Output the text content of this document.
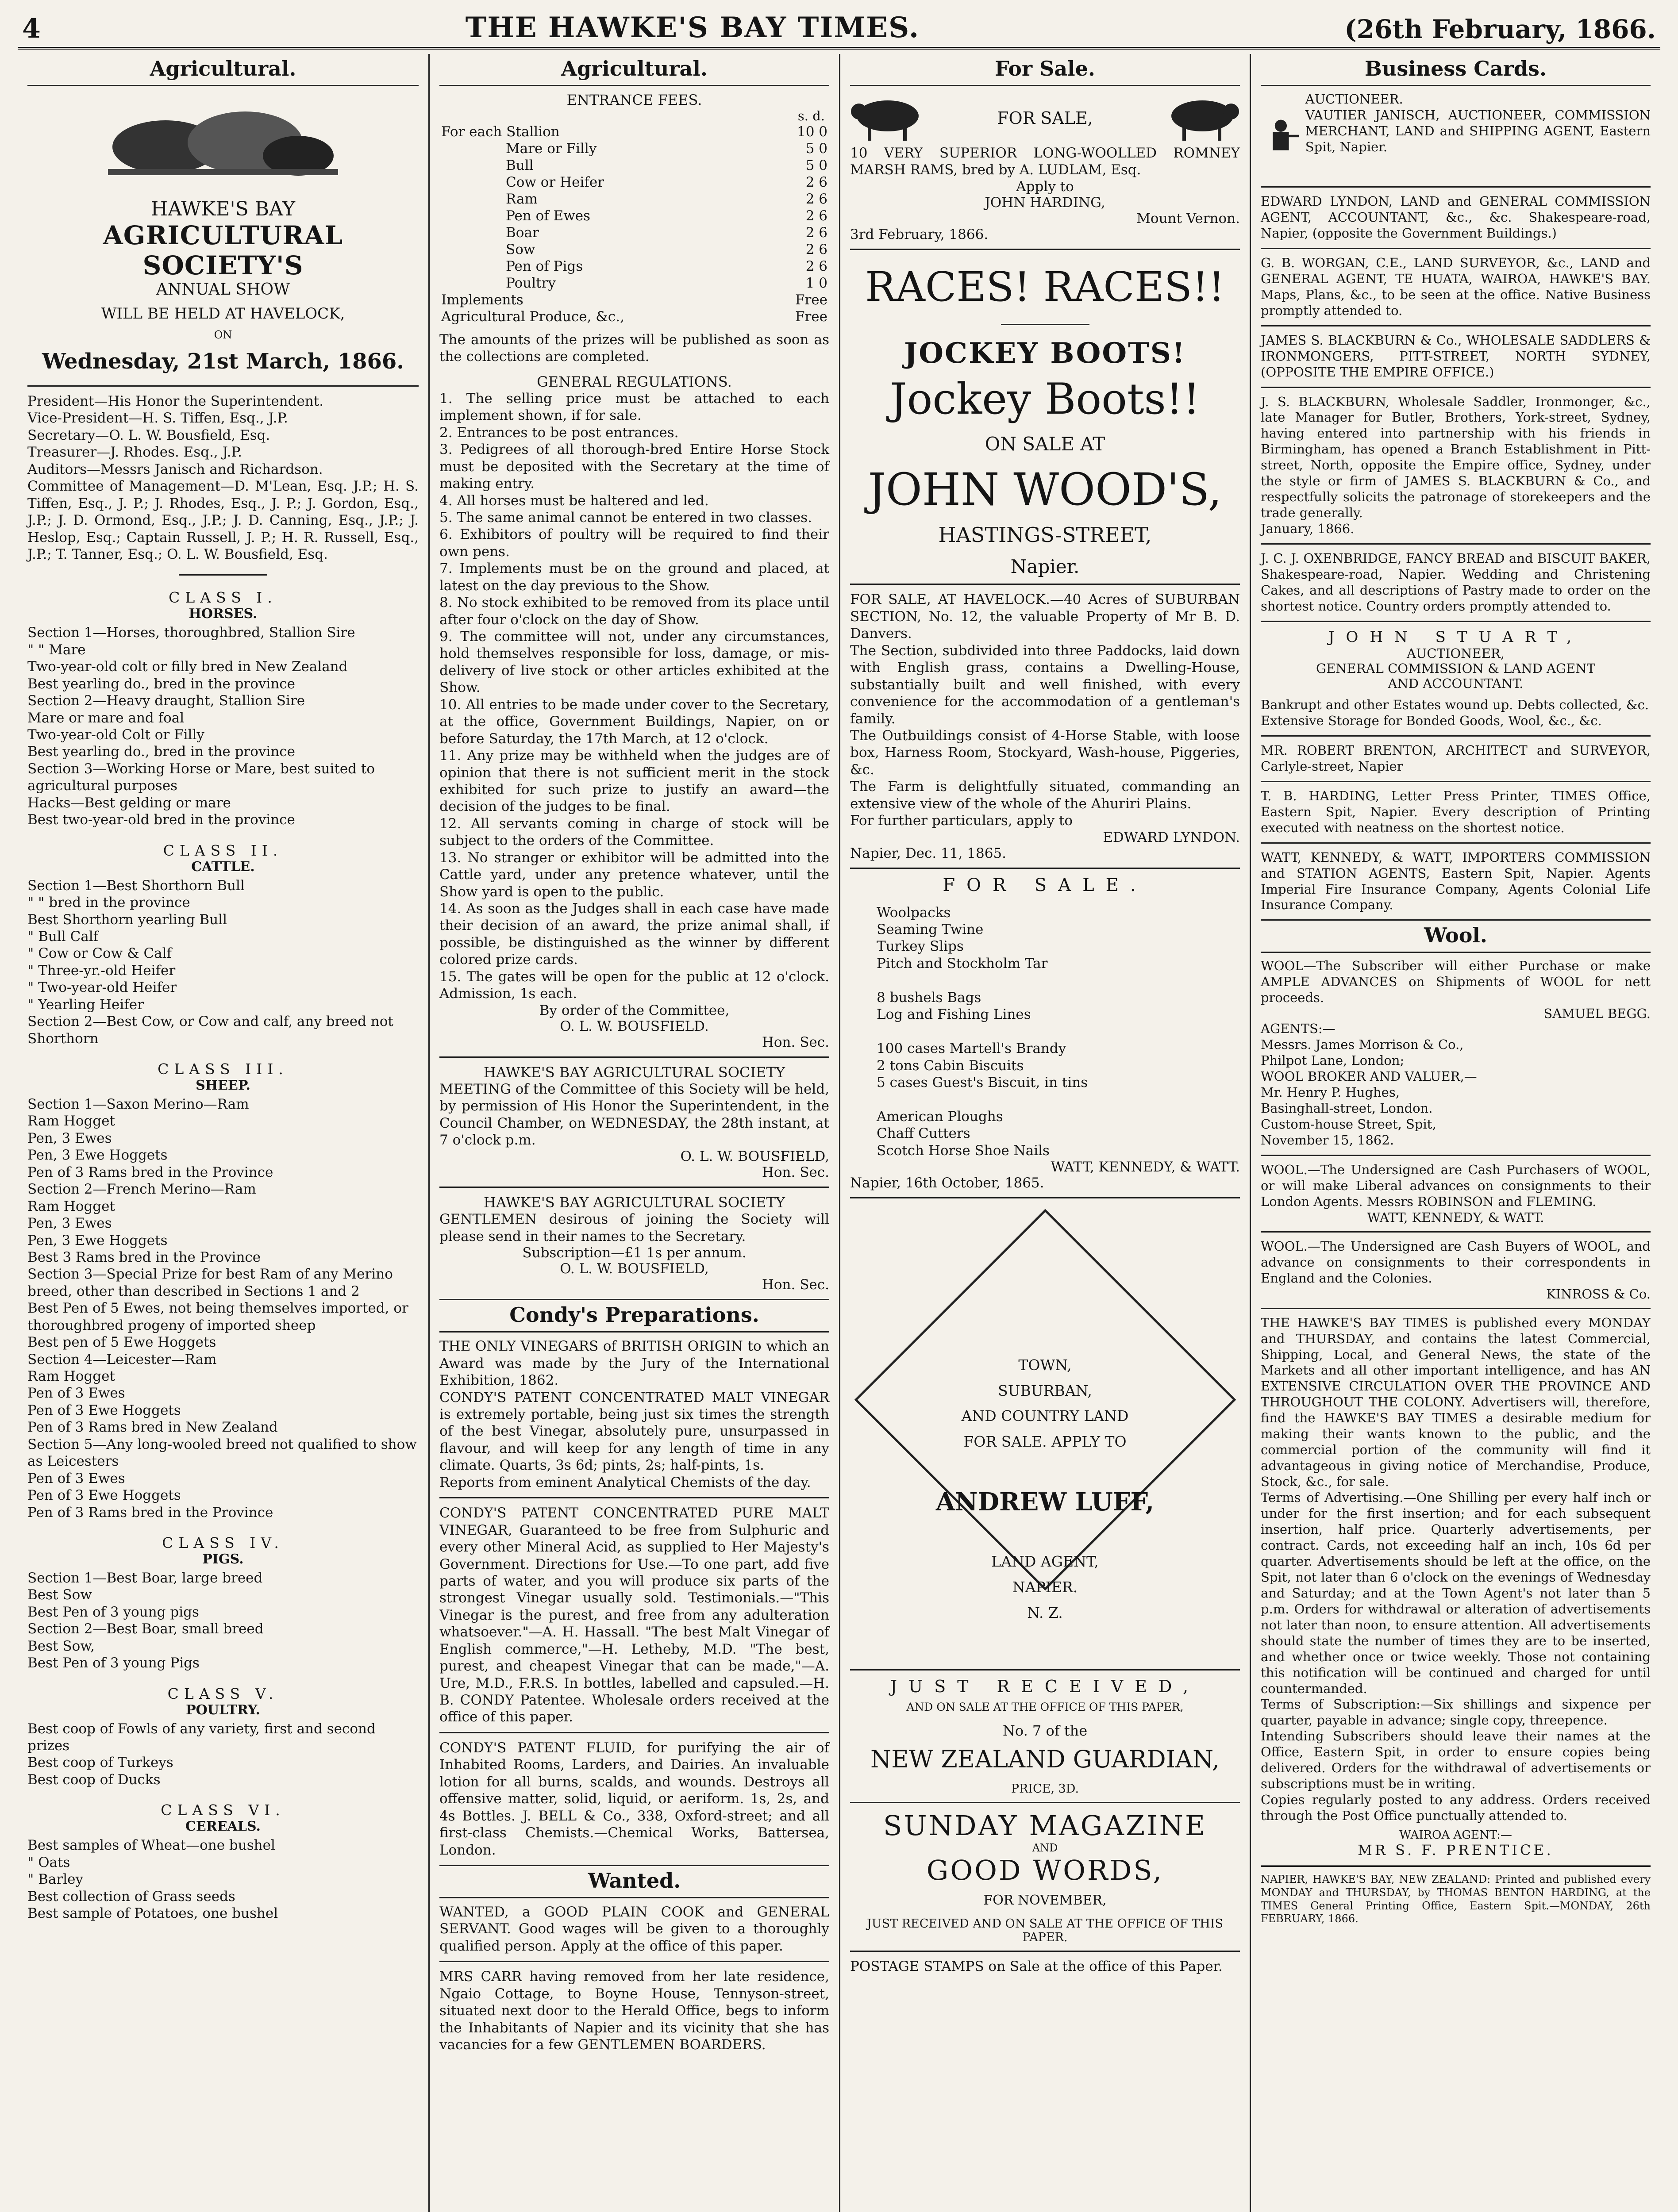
4	THE HAWKE'S BAY TIMES.	(26th February, 1866.
Agricultural.
HAWKE'S BAY
AGRICULTURAL SOCIETY'S
ANNUAL SHOW
WILL BE HELD AT HAVELOCK,
ON
Wednesday, 21st March, 1866.
President—His Honor the Superintendent.
Vice-President—H. S. Tiffen, Esq., J.P.
Secretary—O. L. W. Bousfield, Esq.
Treasurer—J. Rhodes. Esq., J.P.
Auditors—Messrs Janisch and Richardson.
Committee of Management—D. M'Lean, Esq. J.P.; H. S. Tiffen, Esq., J. P.; J. Rhodes, Esq., J. P.; J. Gordon, Esq., J.P.; J. D. Ormond, Esq., J.P.; J. D. Canning, Esq., J.P.; J. Heslop, Esq.; Captain Russell, J. P.; H. R. Russell, Esq., J.P.; T. Tanner, Esq.; O. L. W. Bousfield, Esq.
CLASS I.
HORSES.
Section 1—Horses, thoroughbred, Stallion Sire
" " Mare
Two-year-old colt or filly bred in New Zealand
Best yearling do., bred in the province
Section 2—Heavy draught, Stallion Sire
Mare or mare and foal
Two-year-old Colt or Filly
Best yearling do., bred in the province
Section 3—Working Horse or Mare, best suited to agricultural purposes
Hacks—Best gelding or mare
Best two-year-old bred in the province
CLASS II.
CATTLE.
Section 1—Best Shorthorn Bull
" " bred in the province
Best Shorthorn yearling Bull
" Bull Calf
" Cow or Cow & Calf
" Three-yr.-old Heifer
" Two-year-old Heifer
" Yearling Heifer
Section 2—Best Cow, or Cow and calf, any breed not Shorthorn
CLASS III.
SHEEP.
Section 1—Saxon Merino—Ram
Ram Hogget
Pen, 3 Ewes
Pen, 3 Ewe Hoggets
Pen of 3 Rams bred in the Province
Section 2—French Merino—Ram
Ram Hogget
Pen, 3 Ewes
Pen, 3 Ewe Hoggets
Best 3 Rams bred in the Province
Section 3—Special Prize for best Ram of any Merino breed, other than described in Sections 1 and 2
Best Pen of 5 Ewes, not being themselves imported, or thoroughbred progeny of imported sheep
Best pen of 5 Ewe Hoggets
Section 4—Leicester—Ram
Ram Hogget
Pen of 3 Ewes
Pen of 3 Ewe Hoggets
Pen of 3 Rams bred in New Zealand
Section 5—Any long-wooled breed not qualified to show as Leicesters
Pen of 3 Ewes
Pen of 3 Ewe Hoggets
Pen of 3 Rams bred in the Province
CLASS IV.
PIGS.
Section 1—Best Boar, large breed
Best Sow
Best Pen of 3 young pigs
Section 2—Best Boar, small breed
Best Sow,
Best Pen of 3 young Pigs
CLASS V.
POULTRY.
Best coop of Fowls of any variety, first and second prizes
Best coop of Turkeys
Best coop of Ducks
CLASS VI.
CEREALS.
Best samples of Wheat—one bushel
" Oats
" Barley
Best collection of Grass seeds
Best sample of Potatoes, one bushel
Agricultural.
ENTRANCE FEES.
s. d.
For each Stallion	10 0
Mare or Filly	5 0
Bull	5 0
Cow or Heifer	2 6
Ram	2 6
Pen of Ewes	2 6
Boar	2 6
Sow	2 6
Pen of Pigs	2 6
Poultry	1 0
Implements	Free
Agricultural Produce, &c.,	Free
The amounts of the prizes will be published as soon as the collections are completed.
GENERAL REGULATIONS.
1. The selling price must be attached to each implement shown, if for sale.
2. Entrances to be post entrances.
3. Pedigrees of all thorough-bred Entire Horse Stock must be deposited with the Secretary at the time of making entry.
4. All horses must be haltered and led.
5. The same animal cannot be entered in two classes.
6. Exhibitors of poultry will be required to find their own pens.
7. Implements must be on the ground and placed, at latest on the day previous to the Show.
8. No stock exhibited to be removed from its place until after four o'clock on the day of Show.
9. The committee will not, under any circumstances, hold themselves responsible for loss, damage, or mis-delivery of live stock or other articles exhibited at the Show.
10. All entries to be made under cover to the Secretary, at the office, Government Buildings, Napier, on or before Saturday, the 17th March, at 12 o'clock.
11. Any prize may be withheld when the judges are of opinion that there is not sufficient merit in the stock exhibited for such prize to justify an award—the decision of the judges to be final.
12. All servants coming in charge of stock will be subject to the orders of the Committee.
13. No stranger or exhibitor will be admitted into the Cattle yard, under any pretence whatever, until the Show yard is open to the public.
14. As soon as the Judges shall in each case have made their decision of an award, the prize animal shall, if possible, be distinguished as the winner by different colored prize cards.
15. The gates will be open for the public at 12 o'clock. Admission, 1s each.
By order of the Committee,
O. L. W. BOUSFIELD.
Hon. Sec.
HAWKE'S BAY AGRICULTURAL SOCIETY
MEETING of the Committee of this Society will be held, by permission of His Honor the Superintendent, in the Council Chamber, on WEDNESDAY, the 28th instant, at 7 o'clock p.m.
O. L. W. BOUSFIELD,
Hon. Sec.
HAWKE'S BAY AGRICULTURAL SOCIETY
GENTLEMEN desirous of joining the Society will please send in their names to the Secretary.
Subscription—£1 1s per annum.
O. L. W. BOUSFIELD,
Hon. Sec.
Condy's Preparations.
THE ONLY VINEGARS of BRITISH ORIGIN to which an Award was made by the Jury of the International Exhibition, 1862.
CONDY'S PATENT CONCENTRATED MALT VINEGAR is extremely portable, being just six times the strength of the best Vinegar, absolutely pure, unsurpassed in flavour, and will keep for any length of time in any climate. Quarts, 3s 6d; pints, 2s; half-pints, 1s.
Reports from eminent Analytical Chemists of the day.
CONDY'S PATENT CONCENTRATED PURE MALT VINEGAR, Guaranteed to be free from Sulphuric and every other Mineral Acid, as supplied to Her Majesty's Government. Directions for Use.—To one part, add five parts of water, and you will produce six parts of the strongest Vinegar usually sold. Testimonials.—"This Vinegar is the purest, and free from any adulteration whatsoever."—A. H. Hassall. "The best Malt Vinegar of English commerce,"—H. Letheby, M.D. "The best, purest, and cheapest Vinegar that can be made,"—A. Ure, M.D., F.R.S. In bottles, labelled and capsuled.—H. B. CONDY Patentee. Wholesale orders received at the office of this paper.
CONDY'S PATENT FLUID, for purifying the air of Inhabited Rooms, Larders, and Dairies. An invaluable lotion for all burns, scalds, and wounds. Destroys all offensive matter, solid, liquid, or aeriform. 1s, 2s, and 4s Bottles. J. BELL & Co., 338, Oxford-street; and all first-class Chemists.—Chemical Works, Battersea, London.
Wanted.
WANTED, a GOOD PLAIN COOK and GENERAL SERVANT. Good wages will be given to a thoroughly qualified person. Apply at the office of this paper.
MRS CARR having removed from her late residence, Ngaio Cottage, to Boyne House, Tennyson-street, situated next door to the Herald Office, begs to inform the Inhabitants of Napier and its vicinity that she has vacancies for a few GENTLEMEN BOARDERS.
For Sale.
FOR SALE,
10 VERY SUPERIOR LONG-WOOLLED ROMNEY MARSH RAMS, bred by A. LUDLAM, Esq.
Apply to
JOHN HARDING,
Mount Vernon.
3rd February, 1866.
RACES! RACES!!
JOCKEY BOOTS!
Jockey Boots!!
ON SALE AT
JOHN WOOD'S,
HASTINGS-STREET,
Napier.
FOR SALE, AT HAVELOCK.—40 Acres of SUBURBAN SECTION, No. 12, the valuable Property of Mr B. D. Danvers.
The Section, subdivided into three Paddocks, laid down with English grass, contains a Dwelling-House, substantially built and well finished, with every convenience for the accommodation of a gentleman's family.
The Outbuildings consist of 4-Horse Stable, with loose box, Harness Room, Stockyard, Wash-house, Piggeries, &c.
The Farm is delightfully situated, commanding an extensive view of the whole of the Ahuriri Plains.
For further particulars, apply to
EDWARD LYNDON.
Napier, Dec. 11, 1865.
FOR SALE.
Woolpacks
Seaming Twine
Turkey Slips
Pitch and Stockholm Tar

8 bushels Bags
Log and Fishing Lines

100 cases Martell's Brandy
2 tons Cabin Biscuits
5 cases Guest's Biscuit, in tins

American Ploughs
Chaff Cutters
Scotch Horse Shoe Nails
WATT, KENNEDY, & WATT.
Napier, 16th October, 1865.

TOWN,
SUBURBAN,
AND COUNTRY LAND
FOR SALE. APPLY TO

ANDREW LUFF,

LAND AGENT,
NAPIER.
N. Z.

JUST RECEIVED,
AND ON SALE AT THE OFFICE OF THIS PAPER,
No. 7 of the
NEW ZEALAND GUARDIAN,
PRICE, 3D.
SUNDAY MAGAZINE
AND
GOOD WORDS,
FOR NOVEMBER,
JUST RECEIVED AND ON SALE AT THE OFFICE OF THIS PAPER.
POSTAGE STAMPS on Sale at the office of this Paper.
Business Cards.
AUCTIONEER.
VAUTIER JANISCH, AUCTIONEER, COMMISSION MERCHANT, LAND and SHIPPING AGENT, Eastern Spit, Napier.
EDWARD LYNDON, LAND and GENERAL COMMISSION AGENT, ACCOUNTANT, &c., &c. Shakespeare-road, Napier, (opposite the Government Buildings.)
G. B. WORGAN, C.E., LAND SURVEYOR, &c., LAND and GENERAL AGENT, TE HUATA, WAIROA, HAWKE'S BAY. Maps, Plans, &c., to be seen at the office. Native Business promptly attended to.
JAMES S. BLACKBURN & Co., WHOLESALE SADDLERS & IRONMONGERS, PITT-STREET, NORTH SYDNEY, (OPPOSITE THE EMPIRE OFFICE.)
J. S. BLACKBURN, Wholesale Saddler, Ironmonger, &c., late Manager for Butler, Brothers, York-street, Sydney, having entered into partnership with his friends in Birmingham, has opened a Branch Establishment in Pitt-street, North, opposite the Empire office, Sydney, under the style or firm of JAMES S. BLACKBURN & Co., and respectfully solicits the patronage of storekeepers and the trade generally.
January, 1866.
J. C. J. OXENBRIDGE, FANCY BREAD and BISCUIT BAKER, Shakespeare-road, Napier. Wedding and Christening Cakes, and all descriptions of Pastry made to order on the shortest notice. Country orders promptly attended to.
JOHN STUART,
AUCTIONEER,
GENERAL COMMISSION & LAND AGENT
AND ACCOUNTANT.
Bankrupt and other Estates wound up. Debts collected, &c.
Extensive Storage for Bonded Goods, Wool, &c., &c.
MR. ROBERT BRENTON, ARCHITECT and SURVEYOR, Carlyle-street, Napier
T. B. HARDING, Letter Press Printer, TIMES Office, Eastern Spit, Napier. Every description of Printing executed with neatness on the shortest notice.
WATT, KENNEDY, & WATT, IMPORTERS COMMISSION and STATION AGENTS, Eastern Spit, Napier. Agents Imperial Fire Insurance Company, Agents Colonial Life Insurance Company.
Wool.
WOOL—The Subscriber will either Purchase or make AMPLE ADVANCES on Shipments of WOOL for nett proceeds.
SAMUEL BEGG.
AGENTS:—
Messrs. James Morrison & Co.,
Philpot Lane, London;
WOOL BROKER AND VALUER,—
Mr. Henry P. Hughes,
Basinghall-street, London.
Custom-house Street, Spit,
November 15, 1862.
WOOL.—The Undersigned are Cash Purchasers of WOOL, or will make Liberal advances on consignments to their London Agents. Messrs ROBINSON and FLEMING.
WATT, KENNEDY, & WATT.
WOOL.—The Undersigned are Cash Buyers of WOOL, and advance on consignments to their correspondents in England and the Colonies.
KINROSS & Co.
THE HAWKE'S BAY TIMES is published every MONDAY and THURSDAY, and contains the latest Commercial, Shipping, Local, and General News, the state of the Markets and all other important intelligence, and has AN EXTENSIVE CIRCULATION OVER THE PROVINCE AND THROUGHOUT THE COLONY. Advertisers will, therefore, find the HAWKE'S BAY TIMES a desirable medium for making their wants known to the public, and the commercial portion of the community will find it advantageous in giving notice of Merchandise, Produce, Stock, &c., for sale.
Terms of Advertising.—One Shilling per every half inch or under for the first insertion; and for each subsequent insertion, half price. Quarterly advertisements, per contract. Cards, not exceeding half an inch, 10s 6d per quarter. Advertisements should be left at the office, on the Spit, not later than 6 o'clock on the evenings of Wednesday and Saturday; and at the Town Agent's not later than 5 p.m. Orders for withdrawal or alteration of advertisements not later than noon, to ensure attention. All advertisements should state the number of times they are to be inserted, and whether once or twice weekly. Those not containing this notification will be continued and charged for until countermanded.
Terms of Subscription:—Six shillings and sixpence per quarter, payable in advance; single copy, threepence.
Intending Subscribers should leave their names at the Office, Eastern Spit, in order to ensure copies being delivered. Orders for the withdrawal of advertisements or subscriptions must be in writing.
Copies regularly posted to any address. Orders received through the Post Office punctually attended to.
WAIROA AGENT:—
MR S. F. PRENTICE.
NAPIER, HAWKE'S BAY, NEW ZEALAND: Printed and published every MONDAY and THURSDAY, by THOMAS BENTON HARDING, at the TIMES General Printing Office, Eastern Spit.—MONDAY, 26th FEBRUARY, 1866.
